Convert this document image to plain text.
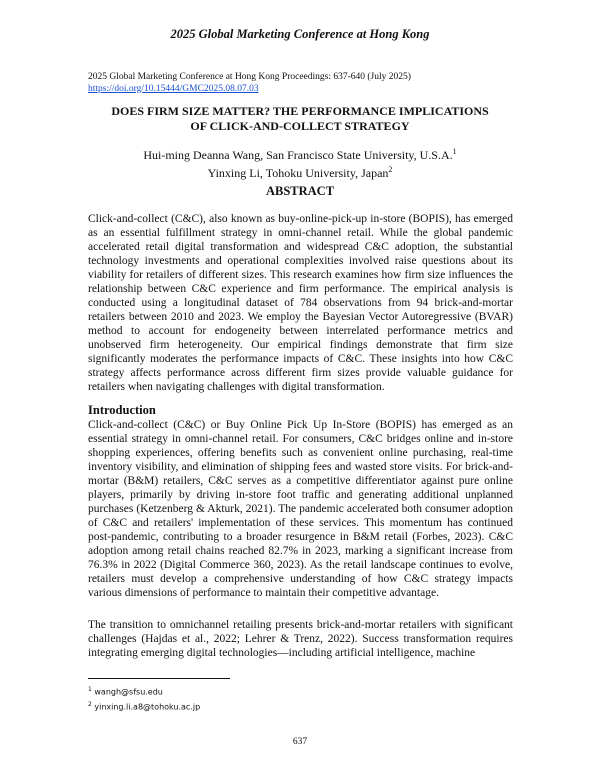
2025 Global Marketing Conference at Hong Kong
2025 Global Marketing Conference at Hong Kong Proceedings: 637-640 (July 2025)
https://doi.org/10.15444/GMC2025.08.07.03
DOES FIRM SIZE MATTER? THE PERFORMANCE IMPLICATIONS
OF CLICK-AND-COLLECT STRATEGY
Hui-ming Deanna Wang, San Francisco State University, U.S.A.$^1$
Yinxing Li, Tohoku University, Japan$^2$
ABSTRACT

Click-and-collect (C&C), also known as buy-online-pick-up in-store (BOPIS), has emerged as an essential fulfillment strategy in omni-channel retail. While the global pandemic accelerated retail digital transformation and widespread C&C adoption, the substantial technology investments and operational complexities involved raise questions about its viability for retailers of different sizes. This research examines how firm size influences the relationship between C&C experience and firm performance. The empirical analysis is conducted using a longitudinal dataset of 784 observations from 94 brick-and-mortar retailers between 2010 and 2023. We employ the Bayesian Vector Autoregressive (BVAR) method to account for endogeneity between interrelated performance metrics and unobserved firm heterogeneity. Our empirical findings demonstrate that firm size significantly moderates the performance impacts of C&C. These insights into how C&C strategy affects performance across different firm sizes provide valuable guidance for retailers when navigating challenges with digital transformation.

Introduction

Click-and-collect (C&C) or Buy Online Pick Up In-Store (BOPIS) has emerged as an essential strategy in omni-channel retail. For consumers, C&C bridges online and in-store shopping experiences, offering benefits such as convenient online purchasing, real-time inventory visibility, and elimination of shipping fees and wasted store visits. For brick-and-mortar (B&M) retailers, C&C serves as a competitive differentiator against pure online players, primarily by driving in-store foot traffic and generating additional unplanned purchases (Ketzenberg & Akturk, 2021). The pandemic accelerated both consumer adoption of C&C and retailers' implementation of these services. This momentum has continued post-pandemic, contributing to a broader resurgence in B&M retail (Forbes, 2023). C&C adoption among retail chains reached 82.7% in 2023, marking a significant increase from 76.3% in 2022 (Digital Commerce 360, 2023). As the retail landscape continues to evolve, retailers must develop a comprehensive understanding of how C&C strategy impacts various dimensions of performance to maintain their competitive advantage.

The transition to omnichannel retailing presents brick-and-mortar retailers with significant challenges (Hajdas et al., 2022; Lehrer & Trenz, 2022). Success transformation requires integrating emerging digital technologies—including artificial intelligence, machine

$^1$ wangh@sfsu.edu
$^2$ yinxing.li.a8@tohoku.ac.jp
637
